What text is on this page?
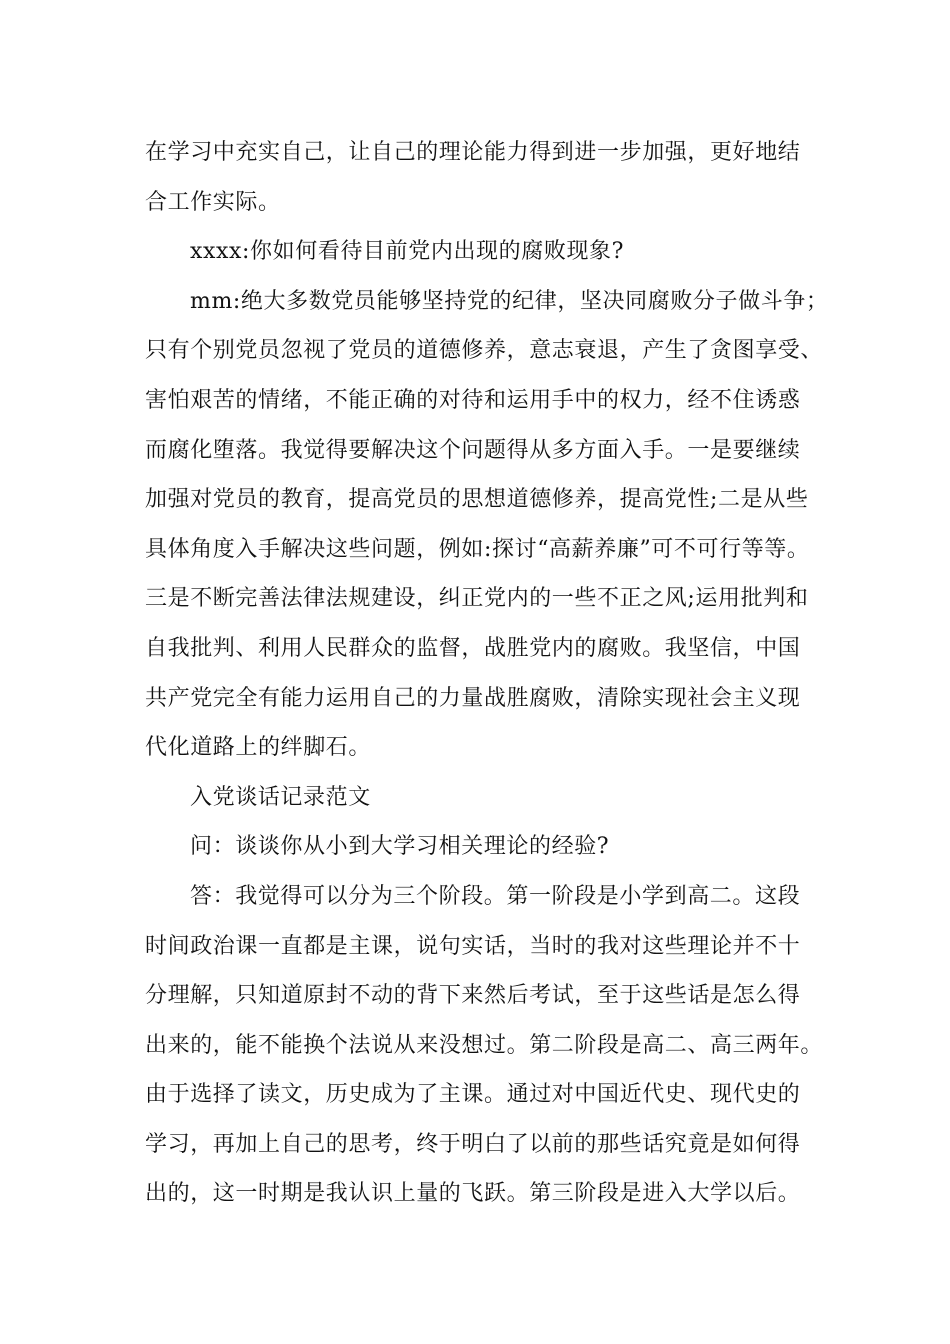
在学习中充实自己，让自己的理论能力得到进一步加强，更好地结
合工作实际。
xxxx:你如何看待目前党内出现的腐败现象?
mm:绝大多数党员能够坚持党的纪律，坚决同腐败分子做斗争；
只有个别党员忽视了党员的道德修养，意志衰退，产生了贪图享受、
害怕艰苦的情绪，不能正确的对待和运用手中的权力，经不住诱惑
而腐化堕落。我觉得要解决这个问题得从多方面入手。一是要继续
加强对党员的教育，提高党员的思想道德修养，提高党性;二是从些
具体角度入手解决这些问题，例如:探讨“高薪养廉”可不可行等等。
三是不断完善法律法规建设，纠正党内的一些不正之风;运用批判和
自我批判、利用人民群众的监督，战胜党内的腐败。我坚信，中国
共产党完全有能力运用自己的力量战胜腐败，清除实现社会主义现
代化道路上的绊脚石。
入党谈话记录范文
问：谈谈你从小到大学习相关理论的经验?
答：我觉得可以分为三个阶段。第一阶段是小学到高二。这段
时间政治课一直都是主课，说句实话，当时的我对这些理论并不十
分理解，只知道原封不动的背下来然后考试，至于这些话是怎么得
出来的，能不能换个法说从来没想过。第二阶段是高二、高三两年。
由于选择了读文，历史成为了主课。通过对中国近代史、现代史的
学习，再加上自己的思考，终于明白了以前的那些话究竟是如何得
出的，这一时期是我认识上量的飞跃。第三阶段是进入大学以后。
